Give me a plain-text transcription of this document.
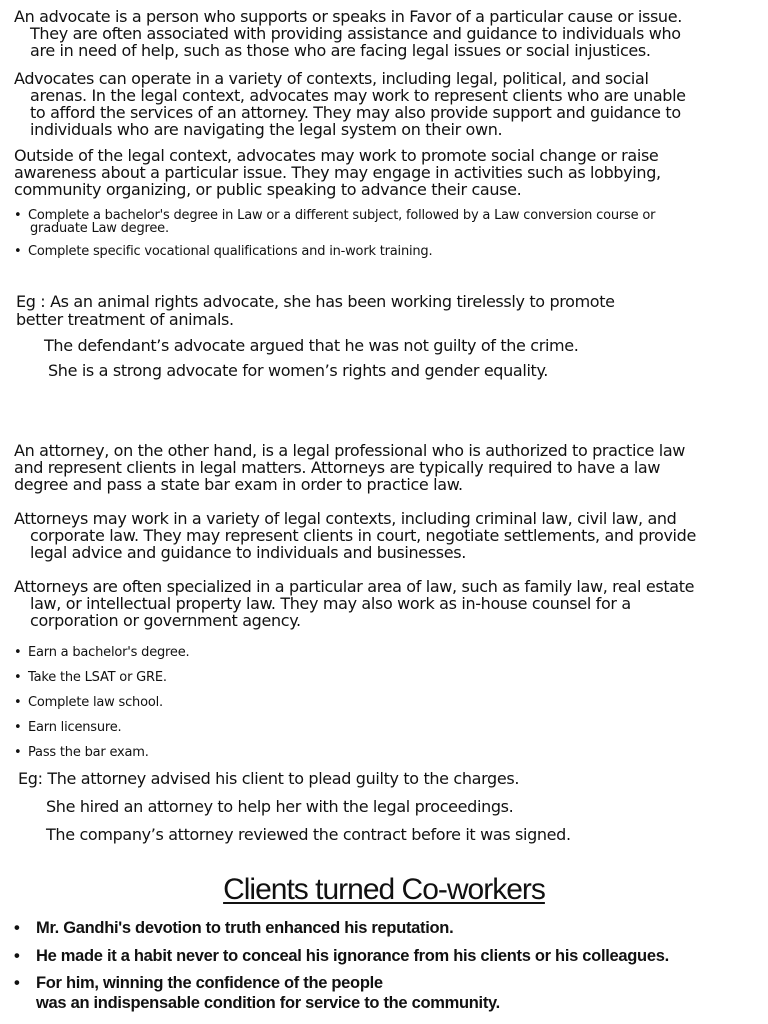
An advocate is a person who supports or speaks in Favor of a particular cause or issue.
They are often associated with providing assistance and guidance to individuals who
are in need of help, such as those who are facing legal issues or social injustices.
Advocates can operate in a variety of contexts, including legal, political, and social
arenas. In the legal context, advocates may work to represent clients who are unable
to afford the services of an attorney. They may also provide support and guidance to
individuals who are navigating the legal system on their own.
Outside of the legal context, advocates may work to promote social change or raise
awareness about a particular issue. They may engage in activities such as lobbying,
community organizing, or public speaking to advance their cause.
• Complete a bachelor's degree in Law or a different subject, followed by a Law conversion course or
graduate Law degree.
• Complete specific vocational qualifications and in-work training.
Eg : As an animal rights advocate, she has been working tirelessly to promote
better treatment of animals.
The defendant’s advocate argued that he was not guilty of the crime.
She is a strong advocate for women’s rights and gender equality.
An attorney, on the other hand, is a legal professional who is authorized to practice law
and represent clients in legal matters. Attorneys are typically required to have a law
degree and pass a state bar exam in order to practice law.
Attorneys may work in a variety of legal contexts, including criminal law, civil law, and
corporate law. They may represent clients in court, negotiate settlements, and provide
legal advice and guidance to individuals and businesses.
Attorneys are often specialized in a particular area of law, such as family law, real estate
law, or intellectual property law. They may also work as in-house counsel for a
corporation or government agency.
• Earn a bachelor's degree.
• Take the LSAT or GRE.
• Complete law school.
• Earn licensure.
• Pass the bar exam.
Eg: The attorney advised his client to plead guilty to the charges.
She hired an attorney to help her with the legal proceedings.
The company’s attorney reviewed the contract before it was signed.
Clients turned Co-workers
• Mr. Gandhi's devotion to truth enhanced his reputation.
• He made it a habit never to conceal his ignorance from his clients or his colleagues.
• For him, winning the confidence of the people
was an indispensable condition for service to the community.
